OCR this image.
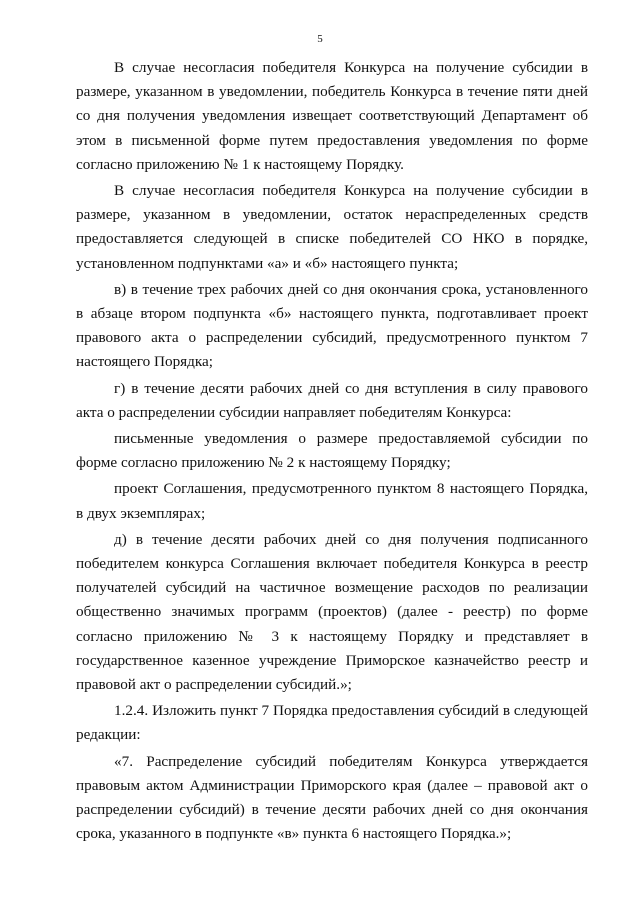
5

В случае несогласия победителя Конкурса на получение субсидии в размере, указанном в уведомлении, победитель Конкурса в течение пяти дней со дня получения уведомления извещает соответствующий Департамент об этом в письменной форме путем предоставления уведомления по форме согласно приложению № 1 к настоящему Порядку.

В случае несогласия победителя Конкурса на получение субсидии в размере, указанном в уведомлении, остаток нераспределенных средств предоставляется следующей в списке победителей СО НКО в порядке, установленном подпунктами «а» и «б» настоящего пункта;

в) в течение трех рабочих дней со дня окончания срока, установленного в абзаце втором подпункта «б» настоящего пункта, подготавливает проект правового акта о распределении субсидий, предусмотренного пунктом 7 настоящего Порядка;

г) в течение десяти рабочих дней со дня вступления в силу правового акта о распределении субсидии направляет победителям Конкурса:

письменные уведомления о размере предоставляемой субсидии по форме согласно приложению № 2 к настоящему Порядку;

проект Соглашения, предусмотренного пунктом 8 настоящего Порядка, в двух экземплярах;

д) в течение десяти рабочих дней со дня получения подписанного победителем конкурса Соглашения включает победителя Конкурса в реестр получателей субсидий на частичное возмещение расходов по реализации общественно значимых программ (проектов) (далее - реестр) по форме согласно приложению № 3 к настоящему Порядку и представляет в государственное казенное учреждение Приморское казначейство реестр и правовой акт о распределении субсидий.»;

1.2.4. Изложить пункт 7 Порядка предоставления субсидий в следующей редакции:

«7. Распределение субсидий победителям Конкурса утверждается правовым актом Администрации Приморского края (далее – правовой акт о распределении субсидий) в течение десяти рабочих дней со дня окончания срока, указанного в подпункте «в» пункта 6 настоящего Порядка.»;
